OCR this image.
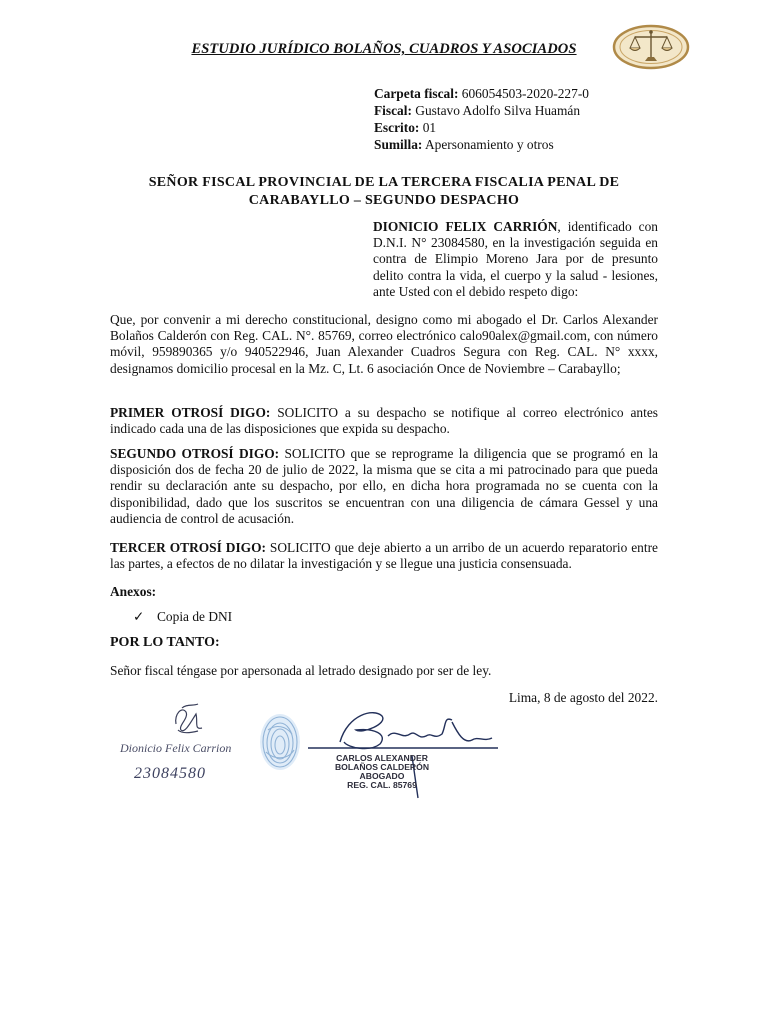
ESTUDIO JURÍDICO BOLAÑOS, CUADROS Y ASOCIADOS
Carpeta fiscal: 606054503-2020-227-0
Fiscal: Gustavo Adolfo Silva Huamán
Escrito: 01
Sumilla: Apersonamiento y otros
SEÑOR FISCAL PROVINCIAL DE LA TERCERA FISCALIA PENAL DE
CARABAYLLO – SEGUNDO DESPACHO
DIONICIO FELIX CARRIÓN, identificado con D.N.I. N° 23084580, en la investigación seguida en contra de Elimpio Moreno Jara por de presunto delito contra la vida, el cuerpo y la salud - lesiones, ante Usted con el debido respeto digo:
Que, por convenir a mi derecho constitucional, designo como mi abogado el Dr. Carlos Alexander Bolaños Calderón con Reg. CAL. N°. 85769, correo electrónico calo90alex@gmail.com, con número móvil, 959890365 y/o 940522946, Juan Alexander Cuadros Segura con Reg. CAL. N° xxxx, designamos domicilio procesal en la Mz. C, Lt. 6 asociación Once de Noviembre – Carabayllo;
PRIMER OTROSÍ DIGO: SOLICITO a su despacho se notifique al correo electrónico antes indicado cada una de las disposiciones que expida su despacho.
SEGUNDO OTROSÍ DIGO: SOLICITO que se reprograme la diligencia que se programó en la disposición dos de fecha 20 de julio de 2022, la misma que se cita a mi patrocinado para que pueda rendir su declaración ante su despacho, por ello, en dicha hora programada no se cuenta con la disponibilidad, dado que los suscritos se encuentran con una diligencia de cámara Gessel y una audiencia de control de acusación.
TERCER OTROSÍ DIGO: SOLICITO que deje abierto a un arribo de un acuerdo reparatorio entre las partes, a efectos de no dilatar la investigación y se llegue una justicia consensuada.
Anexos:
✓ Copia de DNI
POR LO TANTO:
Señor fiscal téngase por apersonada al letrado designado por ser de ley.
Lima, 8 de agosto del 2022.
Dionicio Felix Carrion
23084580
CARLOS ALEXANDER
BOLAÑOS CALDERÓN
ABOGADO
REG. CAL. 85769
